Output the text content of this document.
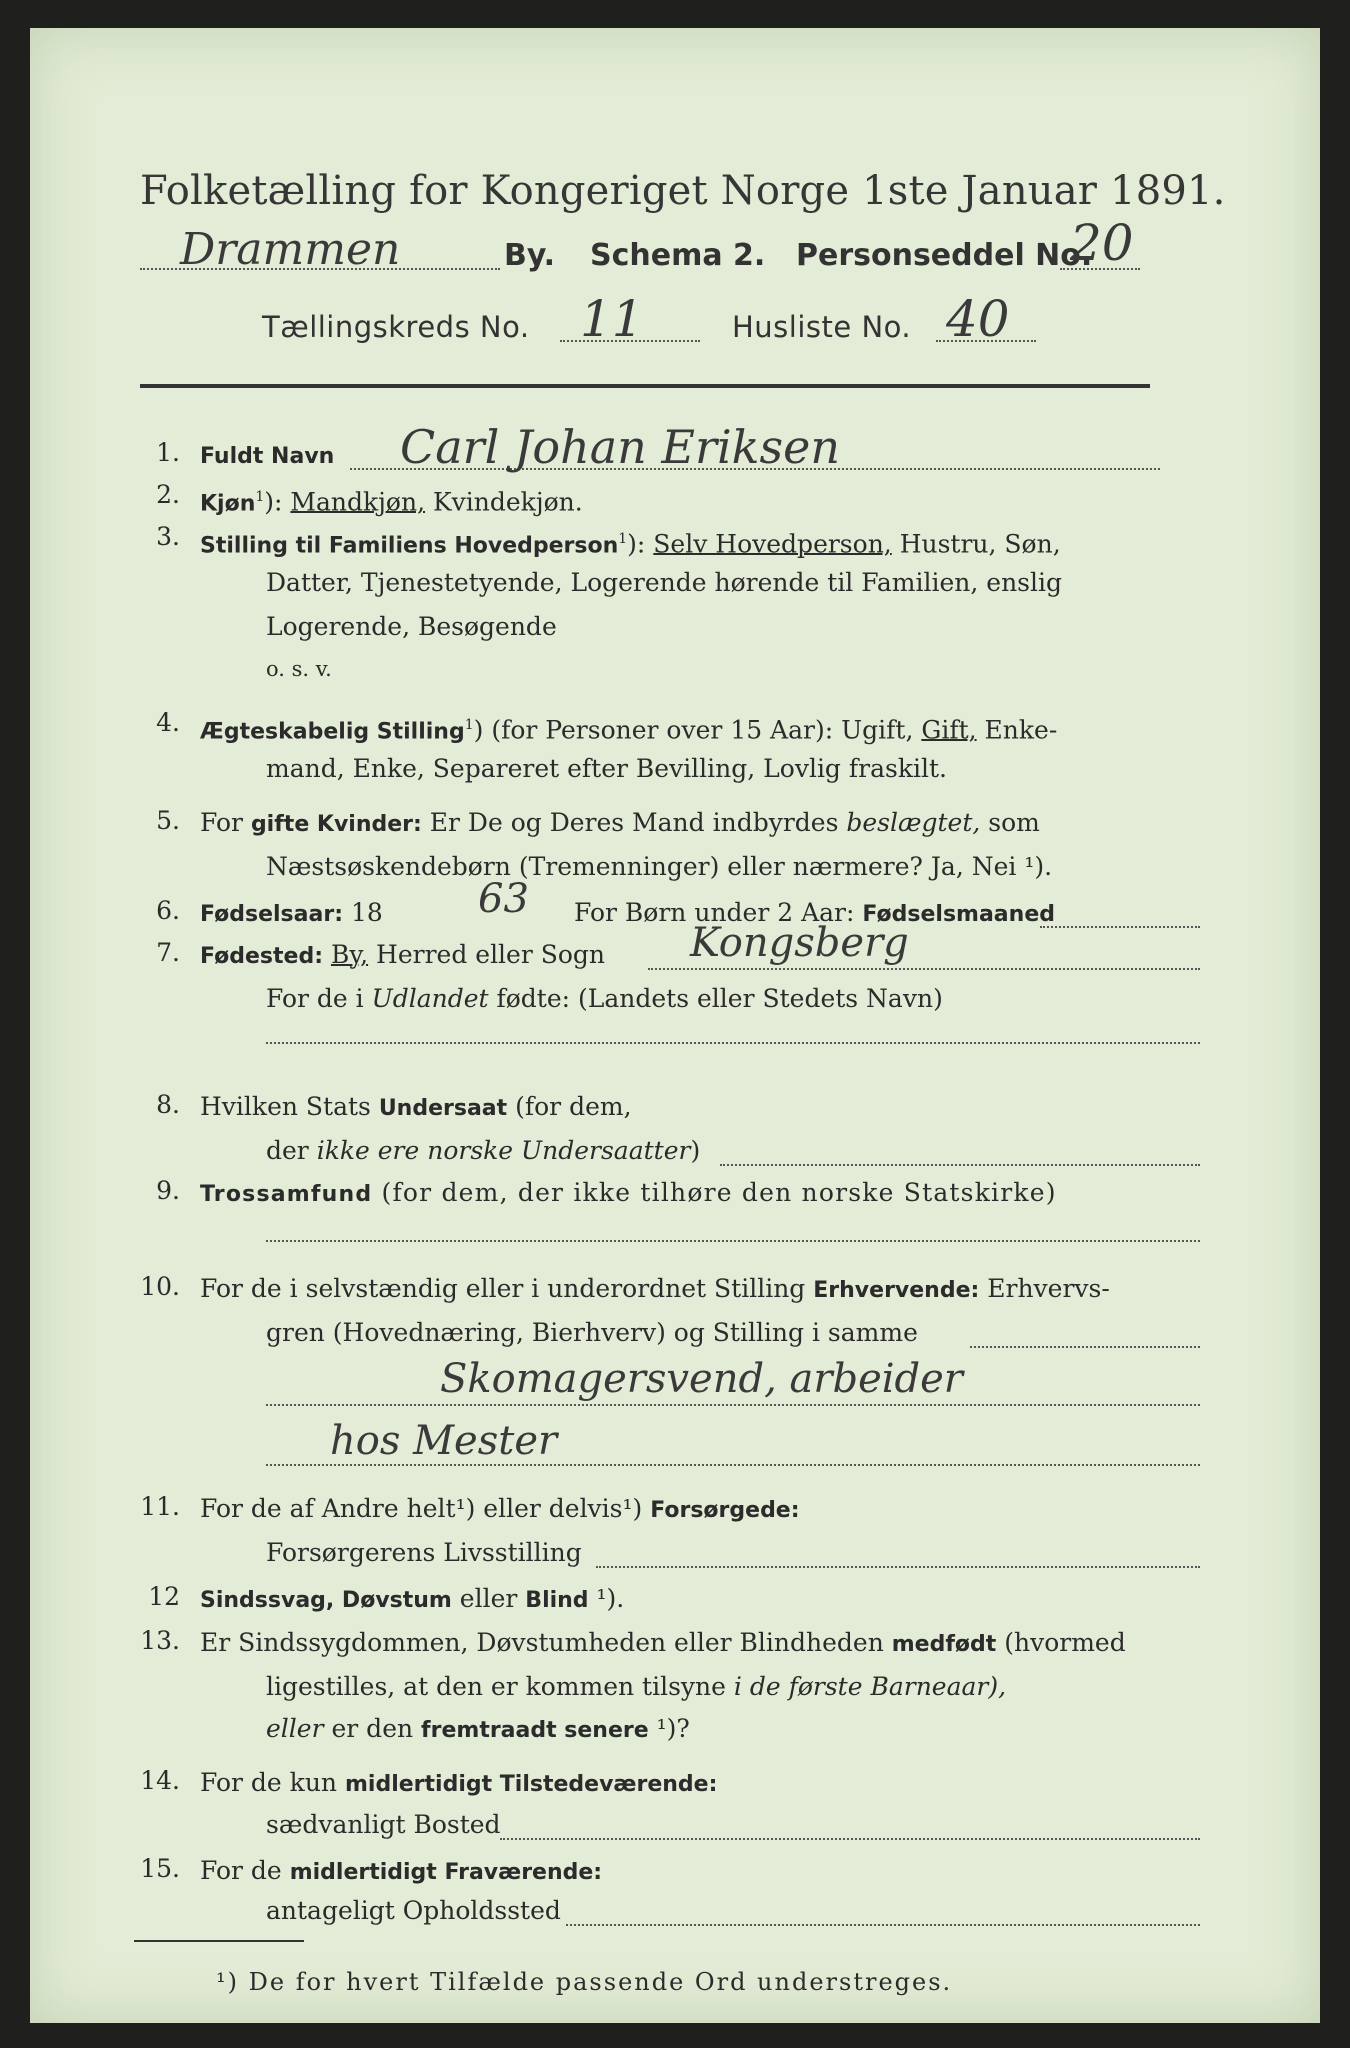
Folketælling for Kongeriget Norge 1ste Januar 1891.
Drammen	By. Schema 2. Personseddel No.
20
Tællingskreds No. 11	Husliste No. 40
1. Fuldt Navn Carl Johan Eriksen
2. Kjøn$^1$): Mandkjøn, Kvindekjøn.
3. Stilling til Familiens Hovedperson$^1$): Selv Hovedperson, Hustru, Søn,
Datter, Tjenestetyende, Logerende hørende til Familien, enslig
Logerende, Besøgende
o. s. v.
4. Ægteskabelig Stilling$^1$) (for Personer over 15 Aar): Ugift, Gift, Enke-
mand, Enke, Separeret efter Bevilling, Lovlig fraskilt.
5. For gifte Kvinder: Er De og Deres Mand indbyrdes beslægtet, som
Næstsøskendebørn (Tremenninger) eller nærmere? Ja, Nei ¹).
6. Fødselsaar: 18 63 For Børn under 2 Aar: Fødselsmaaned
7. Fødested: By, Herred eller Sogn Kongsberg
For de i Udlandet fødte: (Landets eller Stedets Navn)
8. Hvilken Stats Undersaat (for dem,
der ikke ere norske Undersaatter)
9. Trossamfund (for dem, der ikke tilhøre den norske Statskirke)
10. For de i selvstændig eller i underordnet Stilling Erhvervende: Erhvervs-
gren (Hovednæring, Bierhverv) og Stilling i samme
Skomagersvend, arbeider
hos Mester
11. For de af Andre helt¹) eller delvis¹) Forsørgede:
Forsørgerens Livsstilling
12 Sindssvag, Døvstum eller Blind ¹).
13. Er Sindssygdommen, Døvstumheden eller Blindheden medfødt (hvormed
ligestilles, at den er kommen tilsyne i de første Barneaar),
eller er den fremtraadt senere ¹)?
14. For de kun midlertidigt Tilstedeværende:
sædvanligt Bosted
15. For de midlertidigt Fraværende:
antageligt Opholdssted
¹) De for hvert Tilfælde passende Ord understreges.
